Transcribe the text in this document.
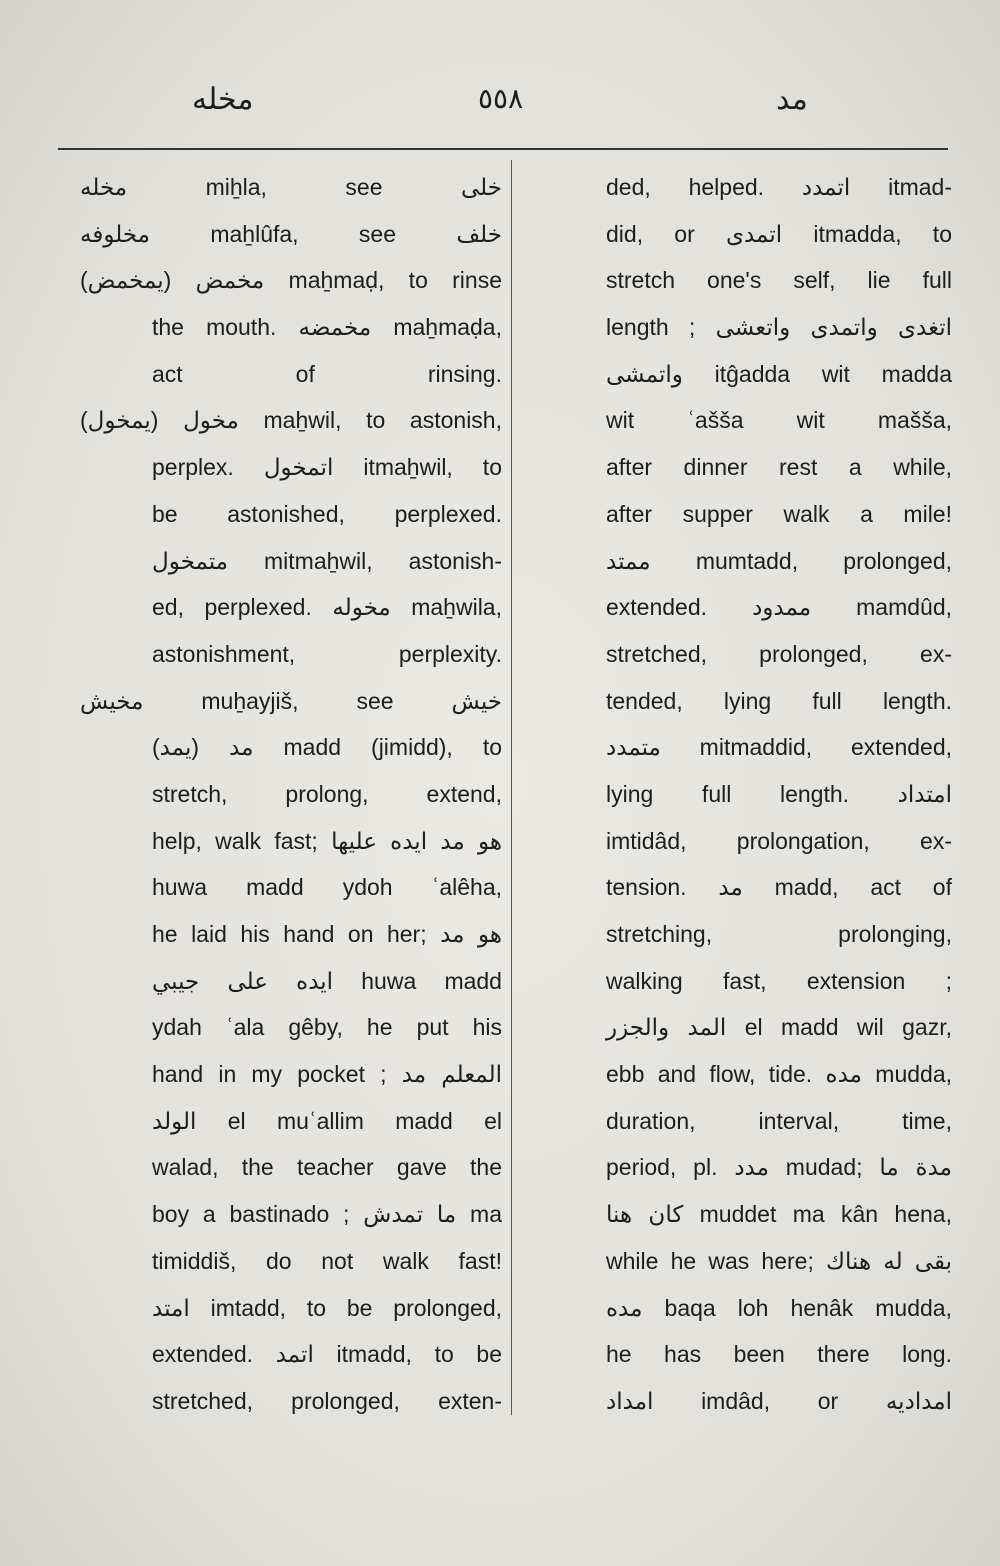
مخله	٥٥٨	مد
مخله miẖla, see خلى
مخلوفه maẖlûfa, see خلف
مخمض (يمخمض) maẖmaḍ, to rinse
the mouth. مخمضه maẖmaḍa,
act of rinsing.
مخول (يمخول) maẖwil, to astonish,
perplex. اتمخول itmaẖwil, to
be astonished, perplexed.
متمخول mitmaẖwil, astonish-
ed, perplexed. مخوله maẖwila,
astonishment, perplexity.
مخيش muẖayjiš, see خيش
مد (يمد) madd (jimidd), to
stretch, prolong, extend,
help, walk fast; هو مد ايده عليها
huwa madd ydoh ʿalêha,
he laid his hand on her; هو مد
ايده على جيبي huwa madd
ydah ʿala gêby, he put his
hand in my pocket ; المعلم مد
الولد el muʿallim madd el
walad, the teacher gave the
boy a bastinado ; ما تمدش ma
timiddiš, do not walk fast!
امتد imtadd, to be prolonged,
extended. اتمد itmadd, to be
stretched, prolonged, exten-
ded, helped. اتمدد itmad-
did, or اتمدى itmadda, to
stretch one's self, lie full
length ; اتغدى واتمدى واتعشى
واتمشى itĝadda wit madda
wit ʿašša wit mašša,
after dinner rest a while,
after supper walk a mile!
ممتد mumtadd, prolonged,
extended. ممدود mamdûd,
stretched, prolonged, ex-
tended, lying full length.
متمدد mitmaddid, extended,
lying full length. امتداد
imtidâd, prolongation, ex-
tension. مد madd, act of
stretching, prolonging,
walking fast, extension ;
المد والجزر el madd wil gazr,
ebb and flow, tide. مده mudda,
duration, interval, time,
period, pl. مدد mudad; مدة ما
كان هنا muddet ma kân hena,
while he was here; بقى له هناك
مده baqa loh henâk mudda,
he has been there long.
امداد imdâd, or امداديه
